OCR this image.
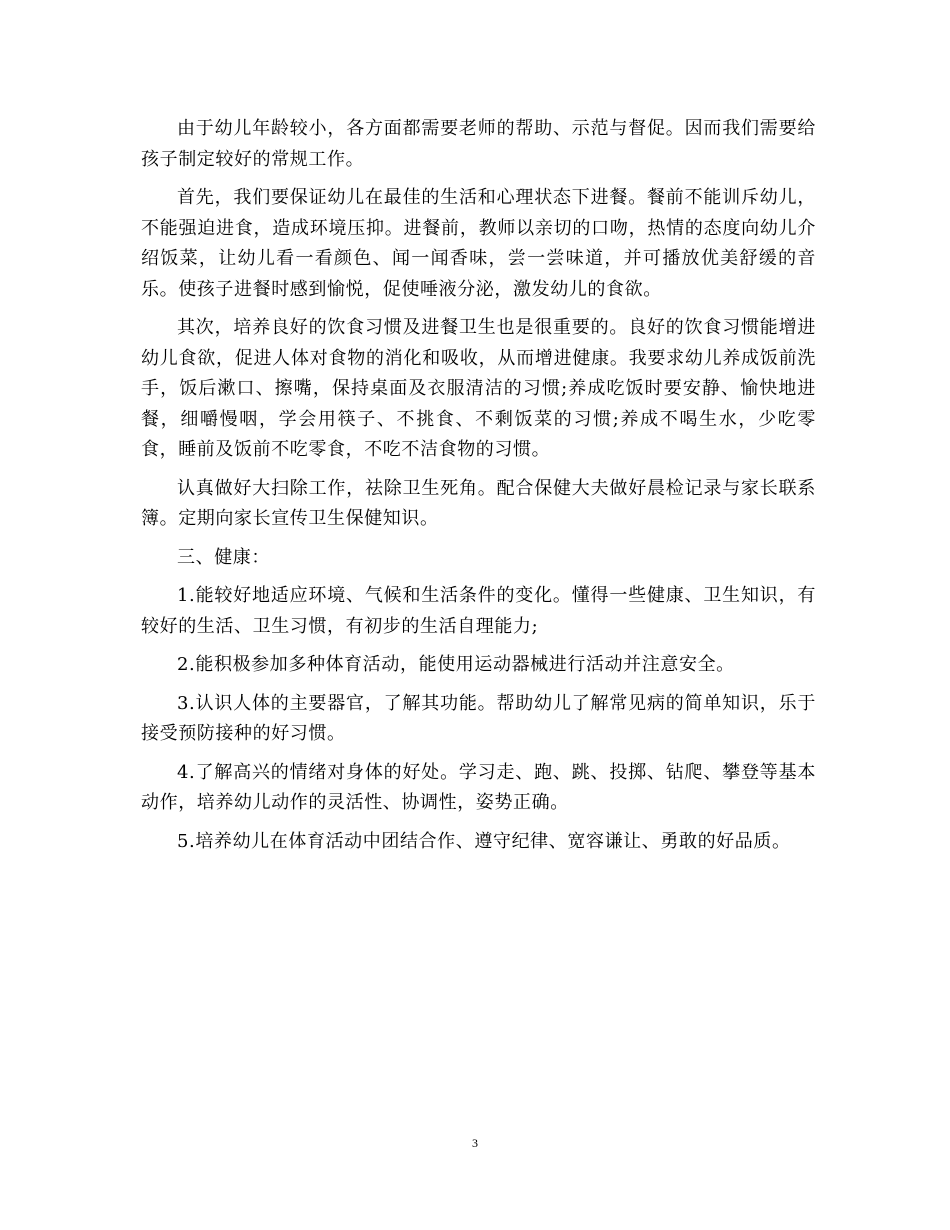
由于幼儿年龄较小，各方面都需要老师的帮助、示范与督促。因而我们需要给孩子制定较好的常规工作。

首先，我们要保证幼儿在最佳的生活和心理状态下进餐。餐前不能训斥幼儿，不能强迫进食，造成环境压抑。进餐前，教师以亲切的口吻，热情的态度向幼儿介绍饭菜，让幼儿看一看颜色、闻一闻香味，尝一尝味道，并可播放优美舒缓的音乐。使孩子进餐时感到愉悦，促使唾液分泌，激发幼儿的食欲。

其次，培养良好的饮食习惯及进餐卫生也是很重要的。良好的饮食习惯能增进幼儿食欲，促进人体对食物的消化和吸收，从而增进健康。我要求幼儿养成饭前洗手，饭后漱口、擦嘴，保持桌面及衣服清洁的习惯;养成吃饭时要安静、愉快地进餐，细嚼慢咽，学会用筷子、不挑食、不剩饭菜的习惯;养成不喝生水，少吃零食，睡前及饭前不吃零食，不吃不洁食物的习惯。

认真做好大扫除工作，祛除卫生死角。配合保健大夫做好晨检记录与家长联系簿。定期向家长宣传卫生保健知识。

三、健康：

1.能较好地适应环境、气候和生活条件的变化。懂得一些健康、卫生知识，有较好的生活、卫生习惯，有初步的生活自理能力;

2.能积极参加多种体育活动，能使用运动器械进行活动并注意安全。

3.认识人体的主要器官，了解其功能。帮助幼儿了解常见病的简单知识，乐于接受预防接种的好习惯。

4.了解高兴的情绪对身体的好处。学习走、跑、跳、投掷、钻爬、攀登等基本动作，培养幼儿动作的灵活性、协调性，姿势正确。

5.培养幼儿在体育活动中团结合作、遵守纪律、宽容谦让、勇敢的好品质。

3
